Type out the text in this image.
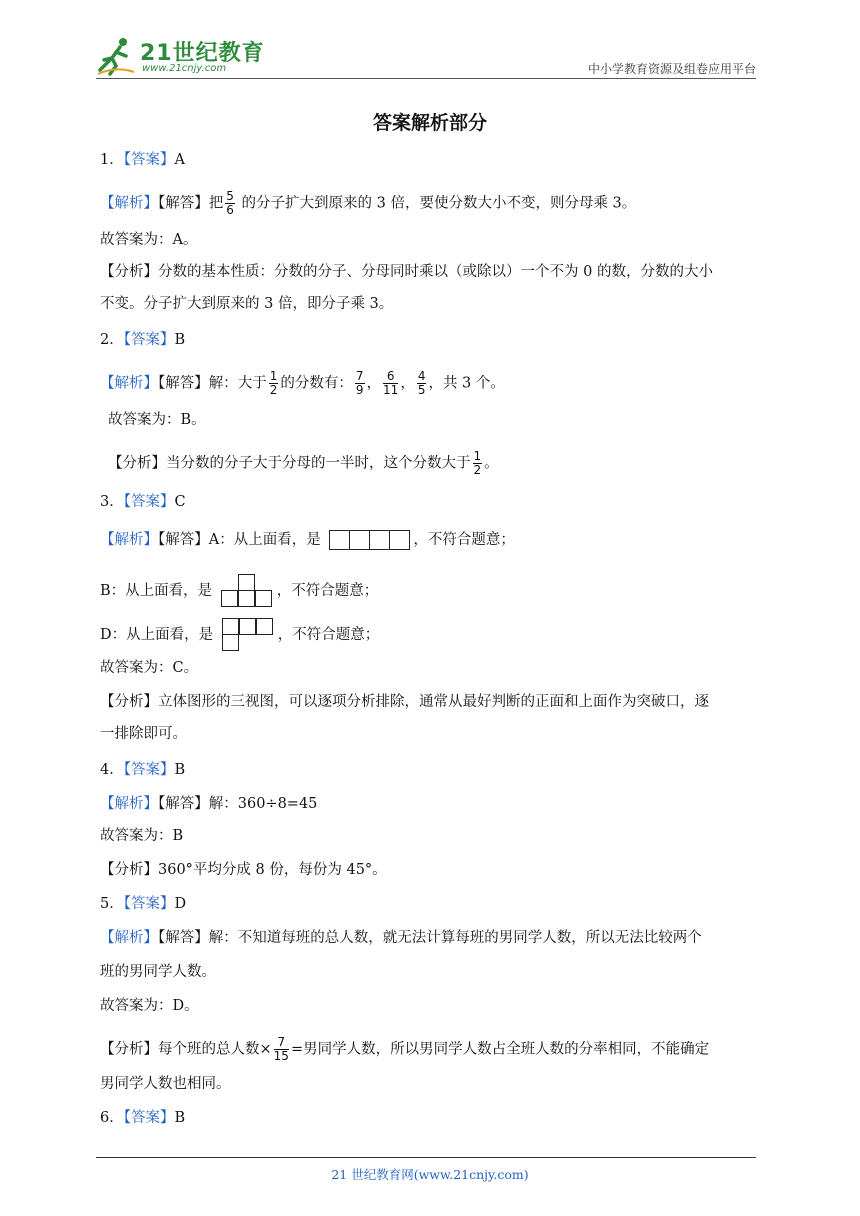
21世纪教育
www.21cnjy.com	中小学教育资源及组卷应用平台
答案解析部分
1．【答案】A
【解析】【解答】把 $\frac{5}{6}$ 的分子扩大到原来的 3 倍，要使分数大小不变，则分母乘 3。
故答案为：A。
【分析】分数的基本性质：分数的分子、分母同时乘以（或除以）一个不为 0 的数，分数的大小
不变。分子扩大到原来的 3 倍，即分子乘 3。
2．【答案】B
【解析】【解答】解：大于 $\frac{1}{2}$ 的分数有： $\frac{7}{9}$ ， $\frac{6}{11}$ ， $\frac{4}{5}$ ，共 3 个。
故答案为：B。
【分析】当分数的分子大于分母的一半时，这个分数大于 $\frac{1}{2}$ 。
3．【答案】C
【解析】【解答】A：从上面看，是	，不符合题意；
B：从上面看，是	，不符合题意；
D：从上面看，是	，不符合题意；
故答案为：C。
【分析】立体图形的三视图，可以逐项分析排除，通常从最好判断的正面和上面作为突破口，逐
一排除即可。
4．【答案】B
【解析】【解答】解：360÷8=45
故答案为：B
【分析】360°平均分成 8 份，每份为 45°。
5．【答案】D
【解析】【解答】解：不知道每班的总人数，就无法计算每班的男同学人数，所以无法比较两个
班的男同学人数。
故答案为：D。
【分析】每个班的总人数× $\frac{7}{15}$ =男同学人数，所以男同学人数占全班人数的分率相同，不能确定
男同学人数也相同。
6．【答案】B
21 世纪教育网(www.21cnjy.com)
